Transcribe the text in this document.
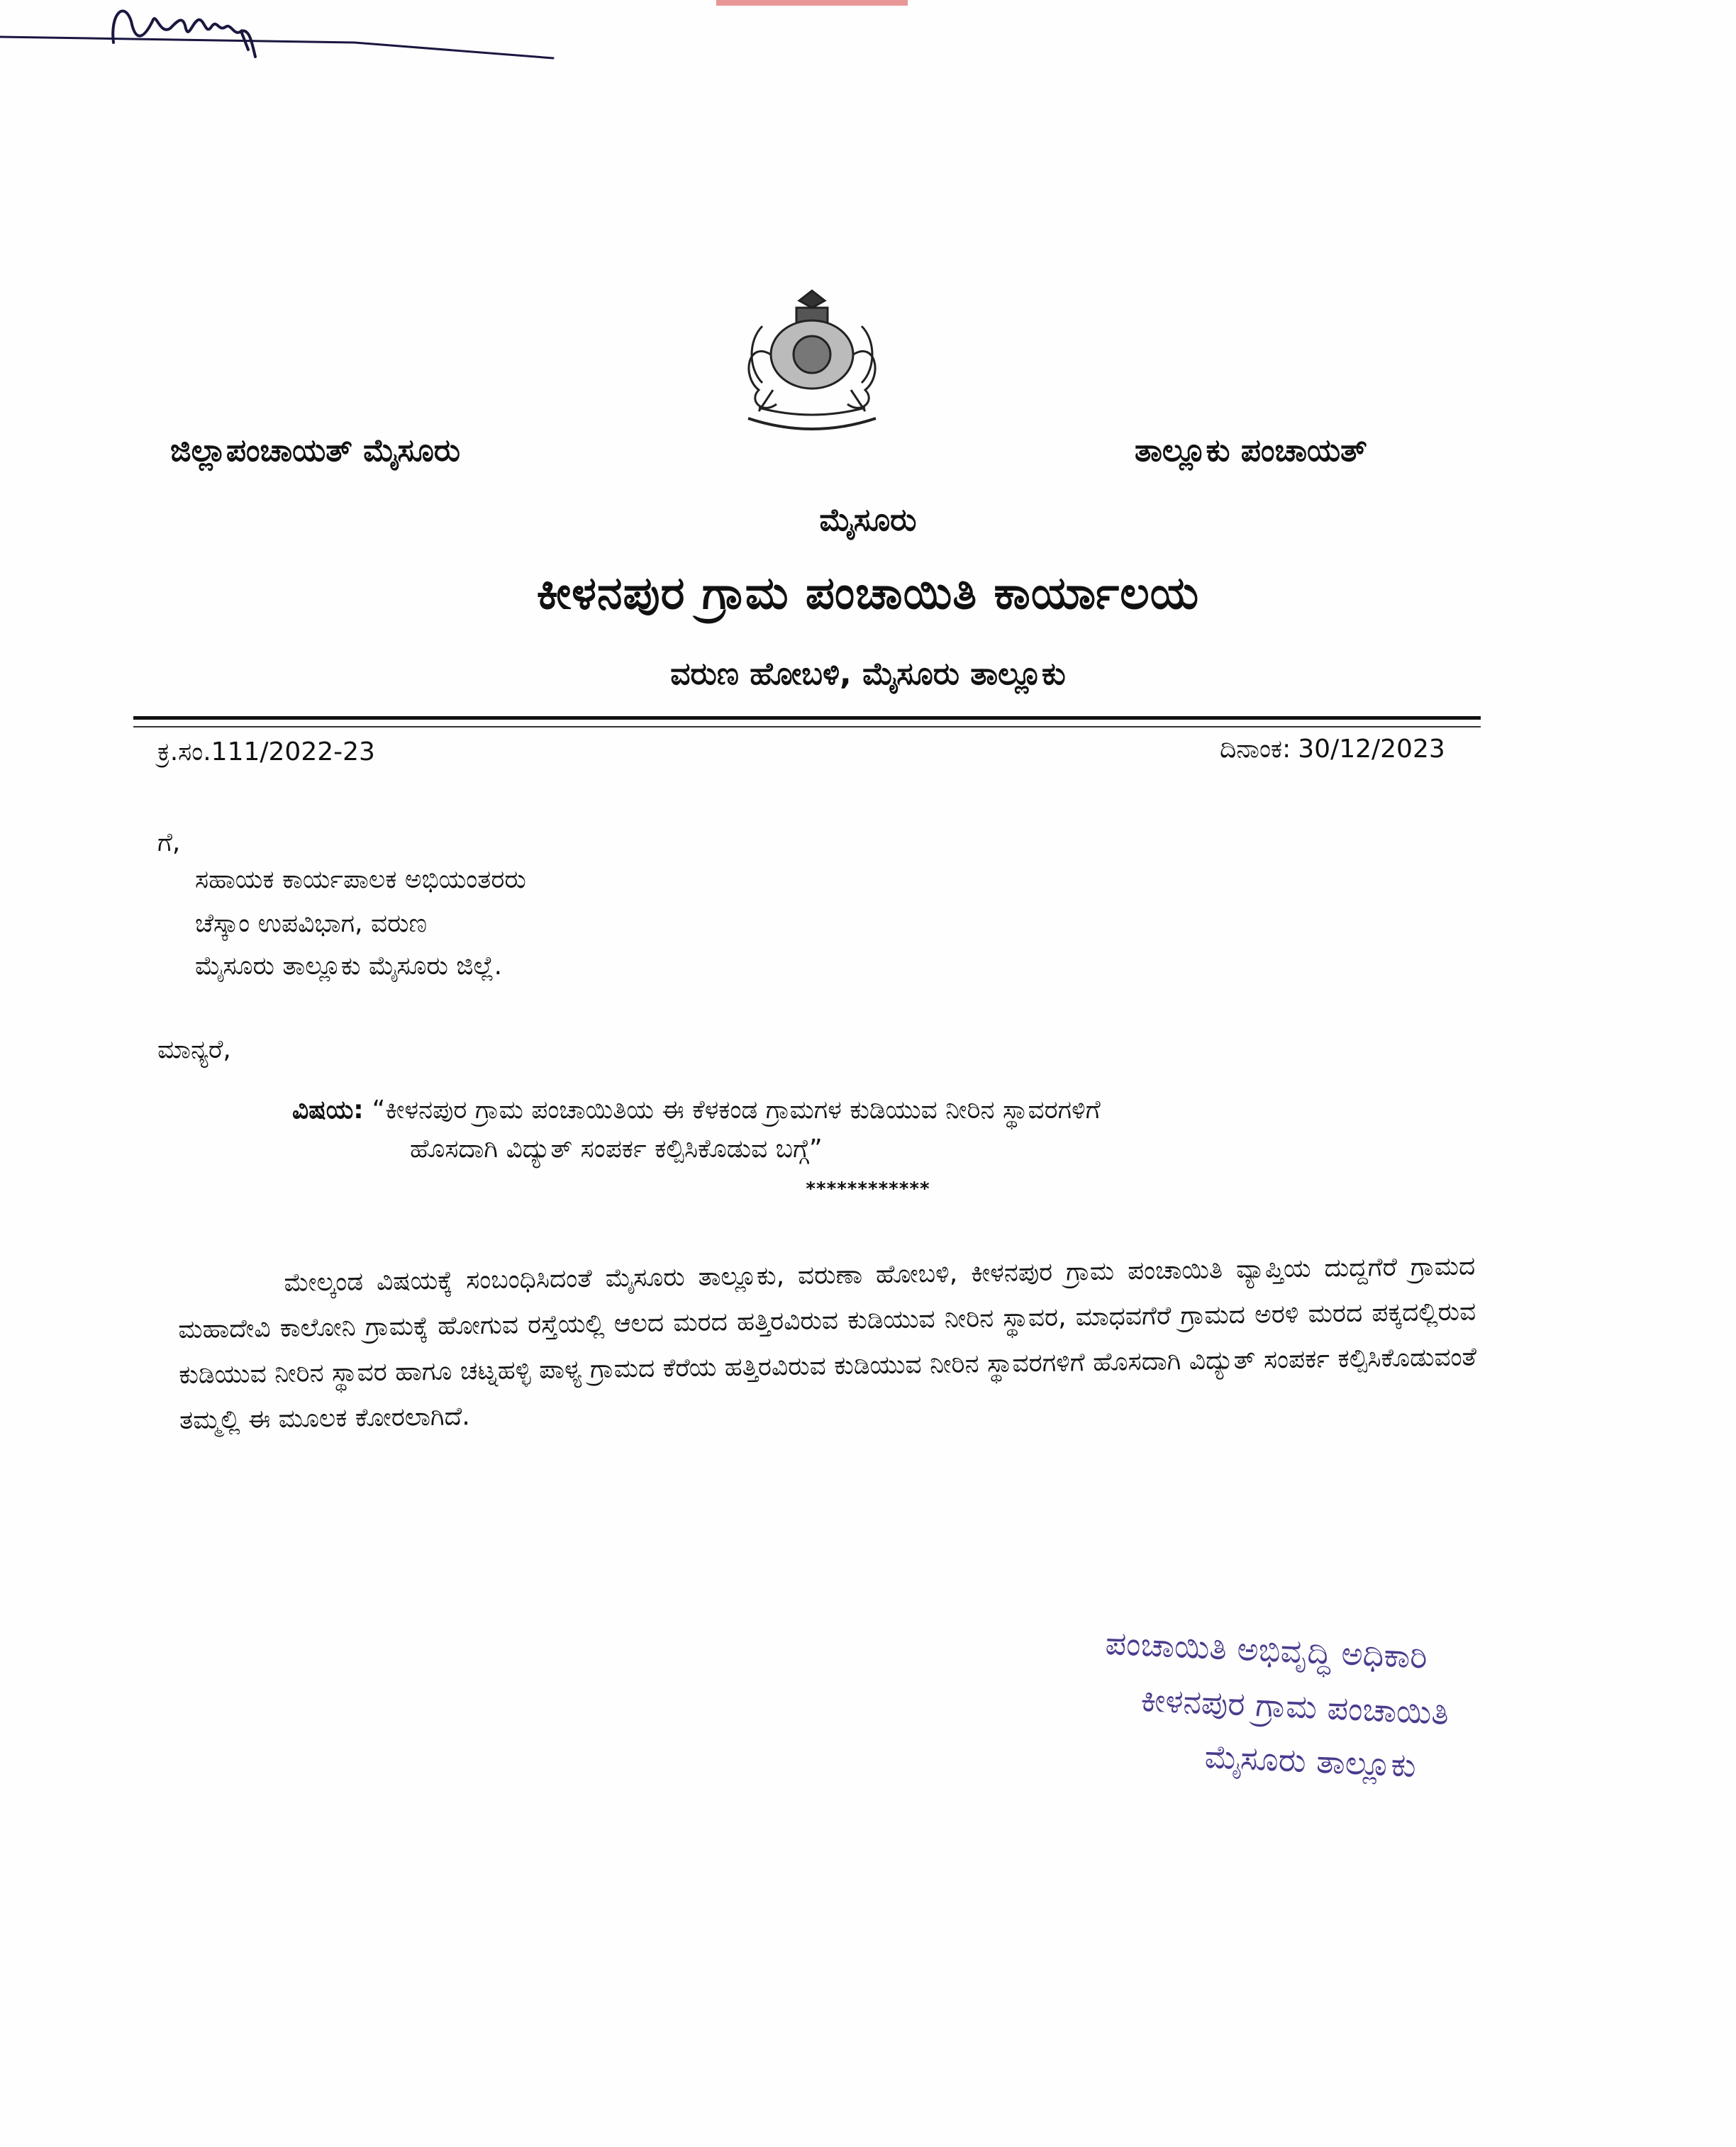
ಜಿಲ್ಲಾಪಂಚಾಯತ್ ಮೈಸೂರು	ತಾಲ್ಲೂಕು ಪಂಚಾಯತ್
ಮೈಸೂರು
ಕೀಳನಪುರ ಗ್ರಾಮ ಪಂಚಾಯಿತಿ ಕಾರ್ಯಾಲಯ
ವರುಣ ಹೋಬಳಿ, ಮೈಸೂರು ತಾಲ್ಲೂಕು
ಕ್ರ.ಸಂ.111/2022-23	ದಿನಾಂಕ: 30/12/2023
ಗೆ,
ಸಹಾಯಕ ಕಾರ್ಯಪಾಲಕ ಅಭಿಯಂತರರು
ಚೆಸ್ಕಾಂ ಉಪವಿಭಾಗ, ವರುಣ
ಮೈಸೂರು ತಾಲ್ಲೂಕು ಮೈಸೂರು ಜಿಲ್ಲೆ.
ಮಾನ್ಯರೆ,
ವಿಷಯ: “ಕೀಳನಪುರ ಗ್ರಾಮ ಪಂಚಾಯಿತಿಯ ಈ ಕೆಳಕಂಡ ಗ್ರಾಮಗಳ ಕುಡಿಯುವ ನೀರಿನ ಸ್ಥಾವರಗಳಿಗೆ
ಹೊಸದಾಗಿ ವಿದ್ಯುತ್ ಸಂಪರ್ಕ ಕಲ್ಪಿಸಿಕೊಡುವ ಬಗ್ಗೆ”
************
ಮೇಲ್ಕಂಡ ವಿಷಯಕ್ಕೆ ಸಂಬಂಧಿಸಿದಂತೆ ಮೈಸೂರು ತಾಲ್ಲೂಕು, ವರುಣಾ ಹೋಬಳಿ, ಕೀಳನಪುರ ಗ್ರಾಮ ಪಂಚಾಯಿತಿ ವ್ಯಾಪ್ತಿಯ ದುದ್ದಗೆರೆ ಗ್ರಾಮದ ಮಹಾದೇವಿ ಕಾಲೋನಿ ಗ್ರಾಮಕ್ಕೆ ಹೋಗುವ ರಸ್ತೆಯಲ್ಲಿ ಆಲದ ಮರದ ಹತ್ತಿರವಿರುವ ಕುಡಿಯುವ ನೀರಿನ ಸ್ಥಾವರ, ಮಾಧವಗೆರೆ ಗ್ರಾಮದ ಅರಳಿ ಮರದ ಪಕ್ಕದಲ್ಲಿರುವ ಕುಡಿಯುವ ನೀರಿನ ಸ್ಥಾವರ ಹಾಗೂ ಚಟ್ನಹಳ್ಳಿ ಪಾಳ್ಯ ಗ್ರಾಮದ ಕೆರೆಯ ಹತ್ತಿರವಿರುವ ಕುಡಿಯುವ ನೀರಿನ ಸ್ಥಾವರಗಳಿಗೆ ಹೊಸದಾಗಿ ವಿದ್ಯುತ್ ಸಂಪರ್ಕ ಕಲ್ಪಿಸಿಕೊಡುವಂತೆ ತಮ್ಮಲ್ಲಿ ಈ ಮೂಲಕ ಕೋರಲಾಗಿದೆ.
ಪಂಚಾಯಿತಿ ಅಭಿವೃದ್ಧಿ ಅಧಿಕಾರಿ
ಕೀಳನಪುರ ಗ್ರಾಮ ಪಂಚಾಯಿತಿ
ಮೈಸೂರು ತಾಲ್ಲೂಕು
